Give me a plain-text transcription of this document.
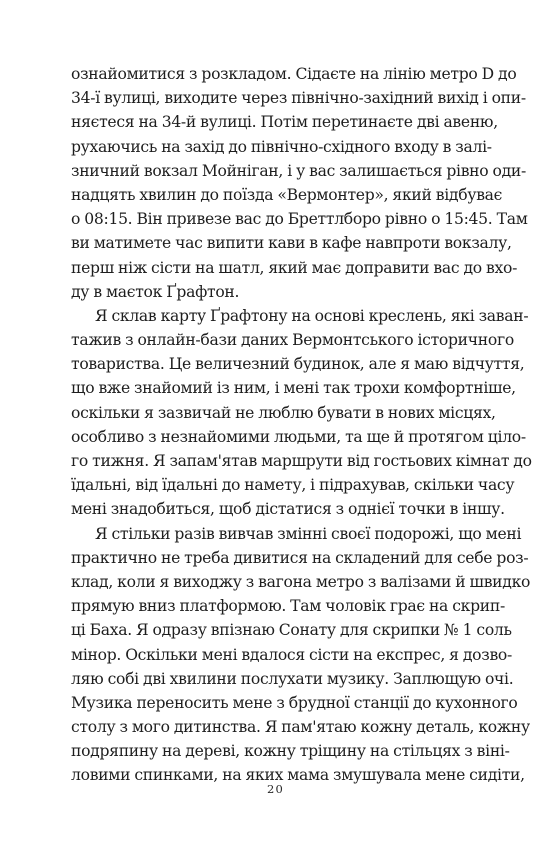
ознайомитися з розкладом. Сідаєте на лінію метро D до
34-ї вулиці, виходите через північно-західний вихід і опи-
няєтеся на 34-й вулиці. Потім перетинаєте дві авеню,
рухаючись на захід до північно-східного входу в залі-
зничний вокзал Мойніган, і у вас залишається рівно оди-
надцять хвилин до поїзда «Вермонтер», який відбуває
о 08:15. Він привезе вас до Бреттлборо рівно о 15:45. Там
ви матимете час випити кави в кафе навпроти вокзалу,
перш ніж сісти на шатл, який має доправити вас до вхо-
ду в маєток Ґрафтон.
Я склав карту Ґрафтону на основі креслень, які заван-
тажив з онлайн-бази даних Вермонтського історичного
товариства. Це величезний будинок, але я маю відчуття,
що вже знайомий із ним, і мені так трохи комфортніше,
оскільки я зазвичай не люблю бувати в нових місцях,
особливо з незнайомими людьми, та ще й протягом ціло-
го тижня. Я запам'ятав маршрути від гостьових кімнат до
їдальні, від їдальні до намету, і підрахував, скільки часу
мені знадобиться, щоб дістатися з однієї точки в іншу.
Я стільки разів вивчав змінні своєї подорожі, що мені
практично не треба дивитися на складений для себе роз-
клад, коли я виходжу з вагона метро з валізами й швидко
прямую вниз платформою. Там чоловік грає на скрип-
ці Баха. Я одразу впізнаю Сонату для скрипки № 1 соль
мінор. Оскільки мені вдалося сісти на експрес, я дозво-
ляю собі дві хвилини послухати музику. Заплющую очі.
Музика переносить мене з брудної станції до кухонного
столу з мого дитинства. Я пам'ятаю кожну деталь, кожну
подряпину на дереві, кожну тріщину на стільцях з віні-
ловими спинками, на яких мама змушувала мене сидіти,
20
